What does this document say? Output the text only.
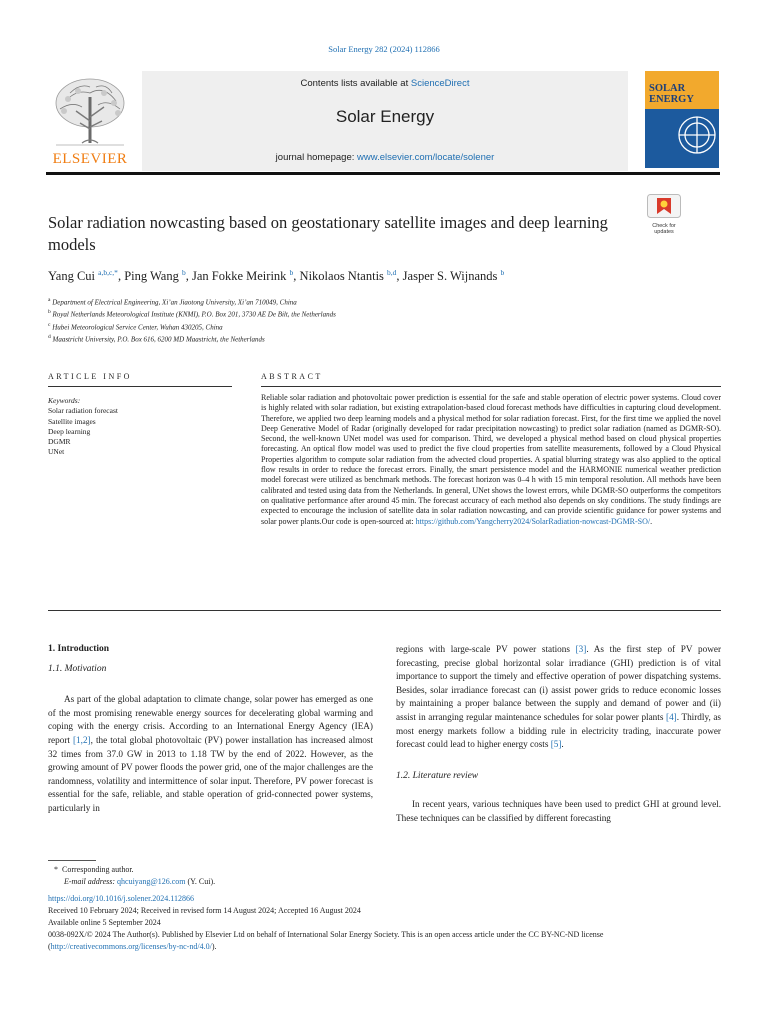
Solar Energy 282 (2024) 112866
ELSEVIER
Contents lists available at ScienceDirect
Solar Energy
journal homepage: www.elsevier.com/locate/solener
SOLAR
ENERGY
Check for updates
Solar radiation nowcasting based on geostationary satellite images and deep learning models
Yang Cui $^{a,b,c,*}$, Ping Wang $^b$, Jan Fokke Meirink $^b$, Nikolaos Ntantis $^{b,d}$, Jasper S. Wijnands $^b$
$^a$ Department of Electrical Engineering, Xi’an Jiaotong University, Xi’an 710049, China
$^b$ Royal Netherlands Meteorological Institute (KNMI), P.O. Box 201, 3730 AE De Bilt, the Netherlands
$^c$ Hubei Meteorological Service Center, Wuhan 430205, China
$^d$ Maastricht University, P.O. Box 616, 6200 MD Maastricht, the Netherlands
ARTICLE INFO	ABSTRACT
Keywords:
Solar radiation forecast
Satellite images
Deep learning
DGMR
UNet
Reliable solar radiation and photovoltaic power prediction is essential for the safe and stable operation of electric power systems. Cloud cover is highly related with solar radiation, but existing extrapolation-based cloud forecast methods have difficulties in capturing cloud development. Therefore, we applied two deep learning models and a physical method for solar radiation forecast. First, for the first time we applied the novel Deep Generative Model of Radar (originally developed for radar precipitation nowcasting) to predict solar radiation (named as DGMR-SO). Second, the well-known UNet model was used for comparison. Third, we developed a physical method based on cloud physical properties forecasting. An optical flow model was used to predict the five cloud properties from satellite measurements, followed by a Cloud Physical Properties algorithm to compute solar radiation from the advected cloud properties. A spatial blurring strategy was also applied to the optical flow results in order to reduce the forecast errors. Finally, the smart persistence model and the HARMONIE numerical weather prediction model forecast were utilized as benchmark methods. The forecast horizon was 0–4 h with 15 min temporal resolution. All methods have been calibrated and tested using data from the Netherlands. In general, UNet shows the lowest errors, while DGMR-SO outperforms the competitors on qualitative performance after around 45 min. The forecast accuracy of each method also depends on sky conditions. The study findings are expected to encourage the inclusion of satellite data in solar radiation nowcasting, and can provide scientific guidance for power systems and solar power plants.Our code is open-sourced at: https://github.com/Yangcherry2024/SolarRadiation-nowcast-DGMR-SO/.

1. Introduction

1.1. Motivation

As part of the global adaptation to climate change, solar power has emerged as one of the most promising renewable energy sources for decelerating global warming and coping with the energy crisis. According to an International Energy Agency (IEA) report [1,2], the total global photovoltaic (PV) power installation has increased almost 32 times from 37.0 GW in 2013 to 1.18 TW by the end of 2022. However, as the growing amount of PV power floods the power grid, one of the major challenges are the randomness, volatility and intermittence of solar input. Therefore, PV power forecast is essential for the safe, reliable, and stable operation of grid-connected power systems, particularly in

regions with large-scale PV power stations [3]. As the first step of PV power forecasting, precise global horizontal solar irradiance (GHI) prediction is of vital importance to support the timely and effective operation of power dispatching systems. Besides, solar irradiance forecast can (i) assist power grids to reduce economic losses by maintaining a proper balance between the supply and demand of power and (ii) assist in arranging regular maintenance schedules for solar power plants [4]. Thirdly, as most energy markets follow a bidding rule in electricity trading, inaccurate power forecast could lead to higher energy costs [5].

1.2. Literature review

In recent years, various techniques have been used to predict GHI at ground level. These techniques can be classified by different forecasting

* Corresponding author.
E-mail address: qhcuiyang@126.com (Y. Cui).
https://doi.org/10.1016/j.solener.2024.112866
Received 10 February 2024; Received in revised form 14 August 2024; Accepted 16 August 2024
Available online 5 September 2024
0038-092X/© 2024 The Author(s). Published by Elsevier Ltd on behalf of International Solar Energy Society. This is an open access article under the CC BY-NC-ND license (http://creativecommons.org/licenses/by-nc-nd/4.0/).
